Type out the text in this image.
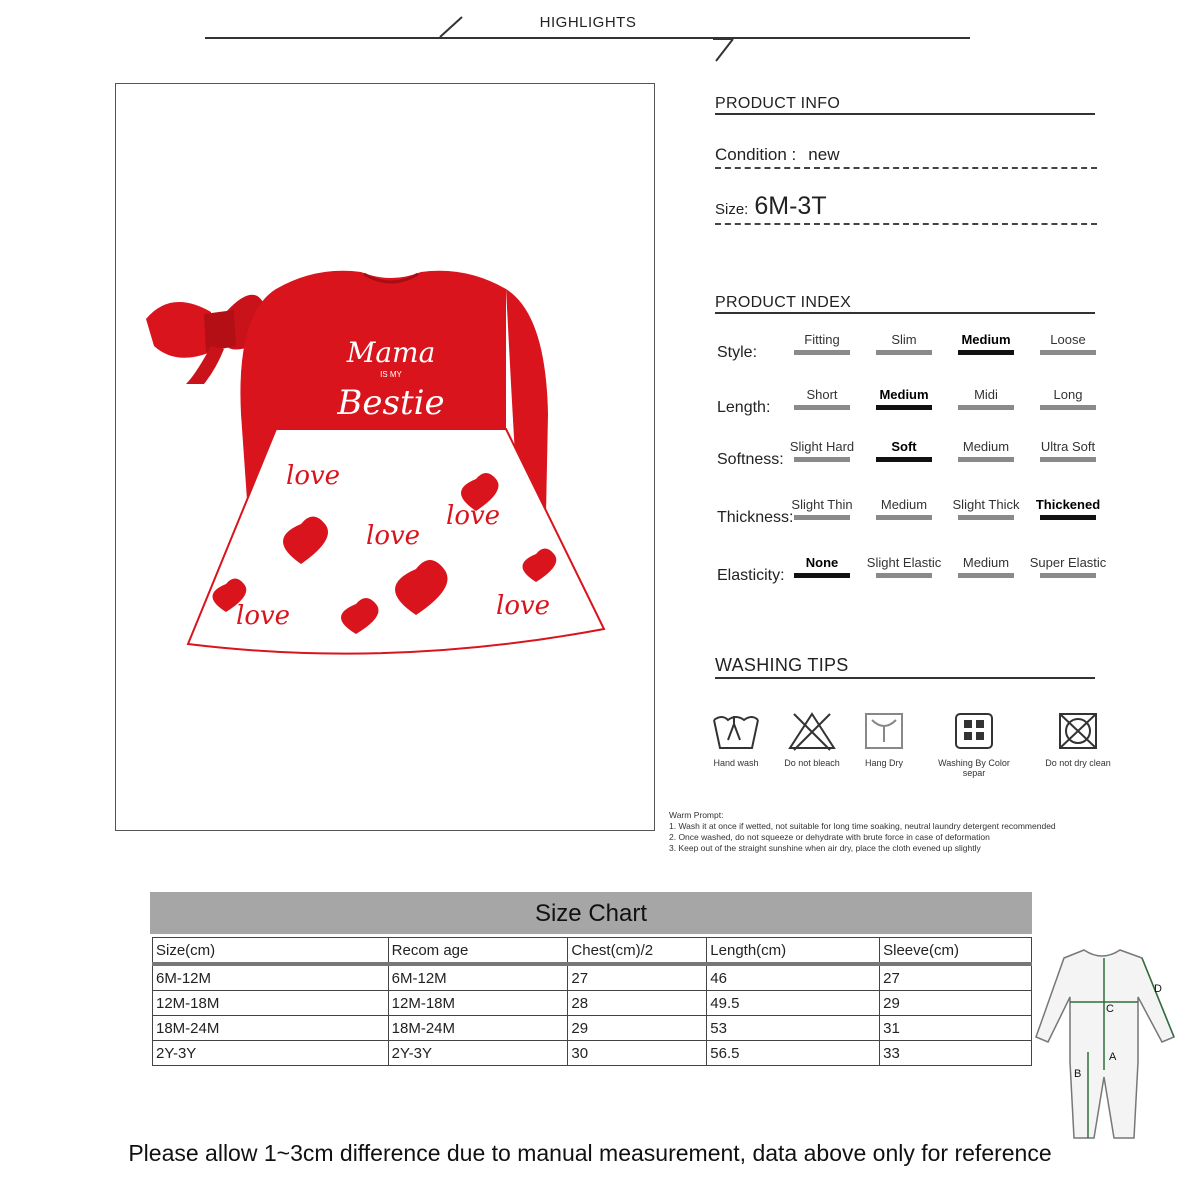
HIGHLIGHTS
love
love
love
love	love
Mama
IS MY
Bestie
PRODUCT INFO
Condition : new
Size: 6M-3T
PRODUCT INDEX
Style:
Fitting	Slim	Medium	Loose
Length:
Short	Medium	Midi	Long
Softness:
Slight Hard	Soft	Medium	Ultra Soft
Thickness:
Slight Thin	Medium	Slight Thick	Thickened
Elasticity:
None	Slight Elastic	Medium	Super Elastic
WASHING TIPS
Hand wash	Do not bleach	Hang Dry	Washing By Color separ
Do not dry clean
Warm Prompt:
1. Wash it at once if wetted, not suitable for long time soaking, neutral laundry detergent recommended
2. Once washed, do not squeeze or dehydrate with brute force in case of deformation
3. Keep out of the straight sunshine when air dry, place the cloth evened up slightly
Size Chart
Size(cm)	Recom age	Chest(cm)/2	Length(cm)	Sleeve(cm)
6M-12M	6M-12M	27	46	27
12M-18M	12M-18M	28	49.5	29
18M-24M	18M-24M	29	53	31
2Y-3Y	2Y-3Y	30	56.5	33
D
C
A
B
Please allow 1~3cm difference due to manual measurement, data above only for reference
